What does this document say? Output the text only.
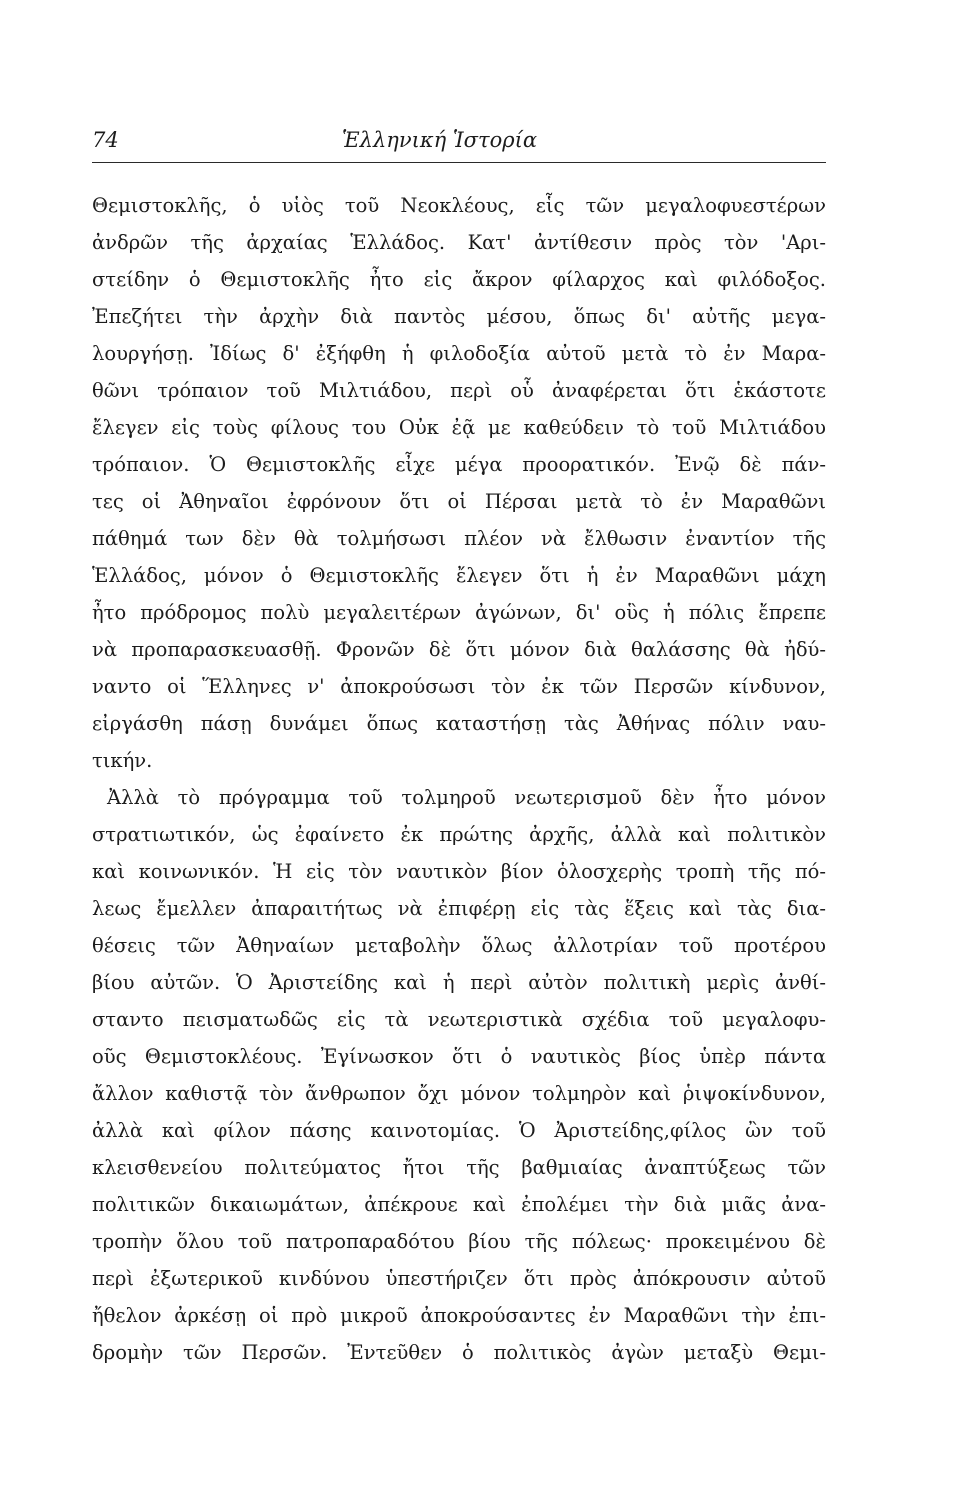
74	Ἑλληνική Ἱστορία
Θεμιστοκλῆς, ὁ υἱὸς τοῦ Νεοκλέους, εἷς τῶν μεγαλοφυεστέρων
ἀνδρῶν τῆς ἀρχαίας Ἑλλάδος. Κατ' ἀντίθεσιν πρὸς τὸν 'Αρι-
στείδην ὁ Θεμιστοκλῆς ἦτο εἰς ἄκρον φίλαρχος καὶ φιλόδοξος.
Ἐπεζήτει τὴν ἀρχὴν διὰ παντὸς μέσου, ὅπως δι' αὐτῆς μεγα-
λουργήσῃ. Ἰδίως δ' ἐξήφθη ἡ φιλοδοξία αὐτοῦ μετὰ τὸ ἐν Μαρα-
θῶνι τρόπαιον τοῦ Μιλτιάδου, περὶ οὗ ἀναφέρεται ὅτι ἑκάστοτε
ἔλεγεν εἰς τοὺς φίλους του Οὐκ ἐᾷ με καθεύδειν τὸ τοῦ Μιλτιάδου
τρόπαιον. Ὁ Θεμιστοκλῆς εἶχε μέγα προορατικόν. Ἐνῷ δὲ πάν-
τες οἱ Ἀθηναῖοι ἐφρόνουν ὅτι οἱ Πέρσαι μετὰ τὸ ἐν Μαραθῶνι
πάθημά των δὲν θὰ τολμήσωσι πλέον νὰ ἔλθωσιν ἐναντίον τῆς
Ἑλλάδος, μόνον ὁ Θεμιστοκλῆς ἔλεγεν ὅτι ἡ ἐν Μαραθῶνι μάχη
ἦτο πρόδρομος πολὺ μεγαλειτέρων ἀγώνων, δι' οὓς ἡ πόλις ἔπρεπε
νὰ προπαρασκευασθῇ. Φρονῶν δὲ ὅτι μόνον διὰ θαλάσσης θὰ ἠδύ-
ναντο οἱ Ἕλληνες ν' ἀποκρούσωσι τὸν ἐκ τῶν Περσῶν κίνδυνον,
εἰργάσθη πάσῃ δυνάμει ὅπως καταστήσῃ τὰς Ἀθήνας πόλιν ναυ-
τικήν.
Ἀλλὰ τὸ πρόγραμμα τοῦ τολμηροῦ νεωτερισμοῦ δὲν ἦτο μόνον
στρατιωτικόν, ὡς ἐφαίνετο ἐκ πρώτης ἀρχῆς, ἀλλὰ καὶ πολιτικὸν
καὶ κοινωνικόν. Ἡ εἰς τὸν ναυτικὸν βίον ὁλοσχερὴς τροπὴ τῆς πό-
λεως ἔμελλεν ἀπαραιτήτως νὰ ἐπιφέρῃ εἰς τὰς ἕξεις καὶ τὰς δια-
θέσεις τῶν Ἀθηναίων μεταβολὴν ὅλως ἀλλοτρίαν τοῦ προτέρου
βίου αὐτῶν. Ὁ Ἀριστείδης καὶ ἡ περὶ αὐτὸν πολιτικὴ μερὶς ἀνθί-
σταντο πεισματωδῶς εἰς τὰ νεωτεριστικὰ σχέδια τοῦ μεγαλοφυ-
οῦς Θεμιστοκλέους. Ἐγίνωσκον ὅτι ὁ ναυτικὸς βίος ὑπὲρ πάντα
ἄλλον καθιστᾷ τὸν ἄνθρωπον ὄχι μόνον τολμηρὸν καὶ ῥιψοκίνδυνον,
ἀλλὰ καὶ φίλον πάσης καινοτομίας. Ὁ Ἀριστείδης,φίλος ὢν τοῦ
κλεισθενείου πολιτεύματος ἤτοι τῆς βαθμιαίας ἀναπτύξεως τῶν
πολιτικῶν δικαιωμάτων, ἀπέκρουε καὶ ἐπολέμει τὴν διὰ μιᾶς ἀνα-
τροπὴν ὅλου τοῦ πατροπαραδότου βίου τῆς πόλεως· προκειμένου δὲ
περὶ ἐξωτερικοῦ κινδύνου ὑπεστήριζεν ὅτι πρὸς ἀπόκρουσιν αὐτοῦ
ἤθελον ἀρκέσῃ οἱ πρὸ μικροῦ ἀποκρούσαντες ἐν Μαραθῶνι τὴν ἐπι-
δρομὴν τῶν Περσῶν. Ἐντεῦθεν ὁ πολιτικὸς ἀγὼν μεταξὺ Θεμι-
